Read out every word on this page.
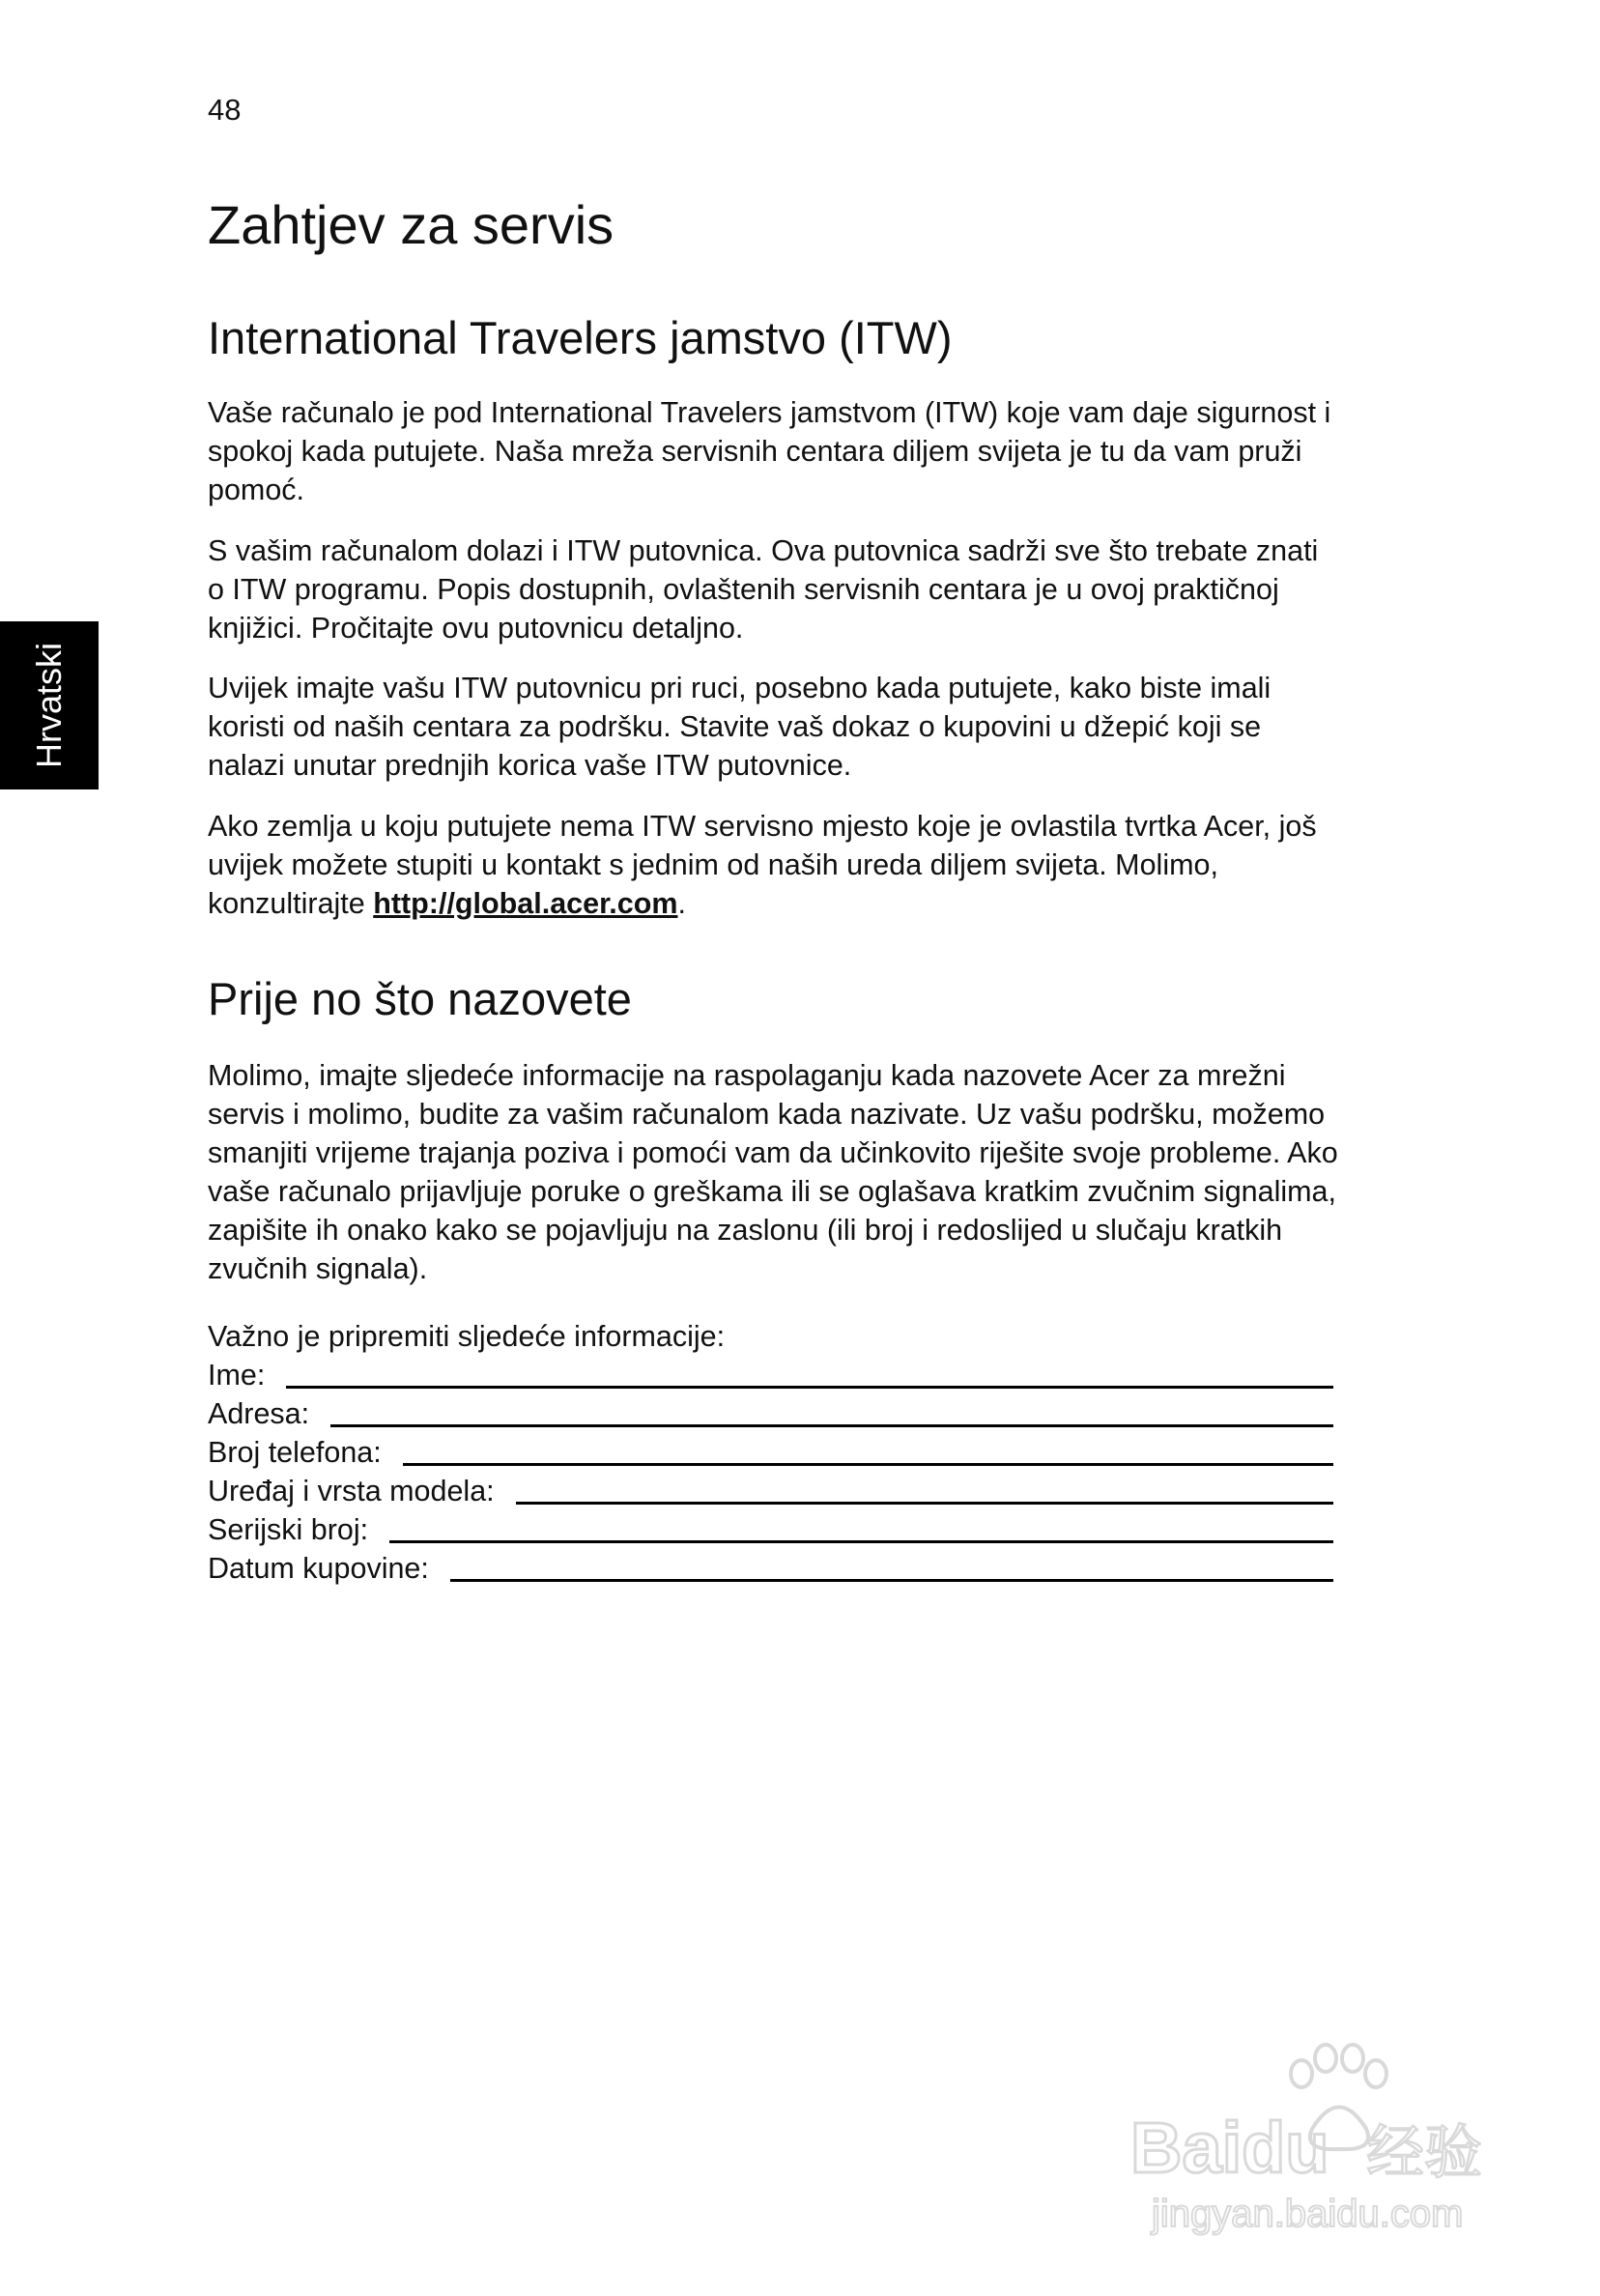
48
Hrvatski
Zahtjev za servis
International Travelers jamstvo (ITW)

Vaše računalo je pod International Travelers jamstvom (ITW) koje vam daje sigurnost i spokoj kada putujete. Naša mreža servisnih centara diljem svijeta je tu da vam pruži pomoć.

S vašim računalom dolazi i ITW putovnica. Ova putovnica sadrži sve što trebate znati o ITW programu. Popis dostupnih, ovlaštenih servisnih centara je u ovoj praktičnoj knjižici. Pročitajte ovu putovnicu detaljno.

Uvijek imajte vašu ITW putovnicu pri ruci, posebno kada putujete, kako biste imali koristi od naših centara za podršku. Stavite vaš dokaz o kupovini u džepić koji se nalazi unutar prednjih korica vaše ITW putovnice.

Ako zemlja u koju putujete nema ITW servisno mjesto koje je ovlastila tvrtka Acer, još uvijek možete stupiti u kontakt s jednim od naših ureda diljem svijeta. Molimo, konzultirajte http://global.acer.com.

Prije no što nazovete

Molimo, imajte sljedeće informacije na raspolaganju kada nazovete Acer za mrežni servis i molimo, budite za vašim računalom kada nazivate. Uz vašu podršku, možemo smanjiti vrijeme trajanja poziva i pomoći vam da učinkovito riješite svoje probleme. Ako vaše računalo prijavljuje poruke o greškama ili se oglašava kratkim zvučnim signalima, zapišite ih onako kako se pojavljuju na zaslonu (ili broj i redoslijed u slučaju kratkih zvučnih signala).

Važno je pripremiti sljedeće informacije:
Ime:
Adresa:
Broj telefona:
Uređaj i vrsta modela:
Serijski broj:
Datum kupovine:
Baidu 经验
jingyan.baidu.com
